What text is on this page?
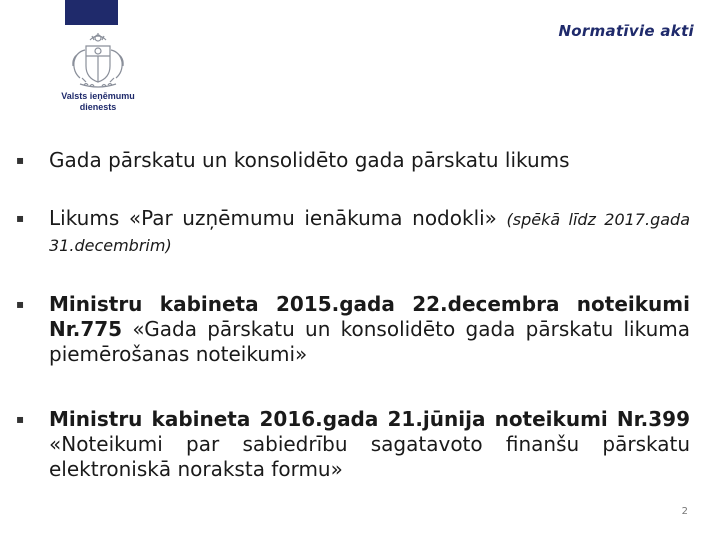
Normatīvie akti
Valsts ieņēmumu
dienests
▪ Gada pārskatu un konsolidēto gada pārskatu likums
▪ Likums «Par uzņēmumu ienākuma nodokli» (spēkā līdz 2017.gada 31.decembrim)
▪ Ministru kabineta 2015.gada 22.decembra noteikumi Nr.775 «Gada pārskatu un konsolidēto gada pārskatu likuma piemērošanas noteikumi»
▪ Ministru kabineta 2016.gada 21.jūnija noteikumi Nr.399 «Noteikumi par sabiedrību sagatavoto finanšu pārskatu elektroniskā noraksta formu»
2
